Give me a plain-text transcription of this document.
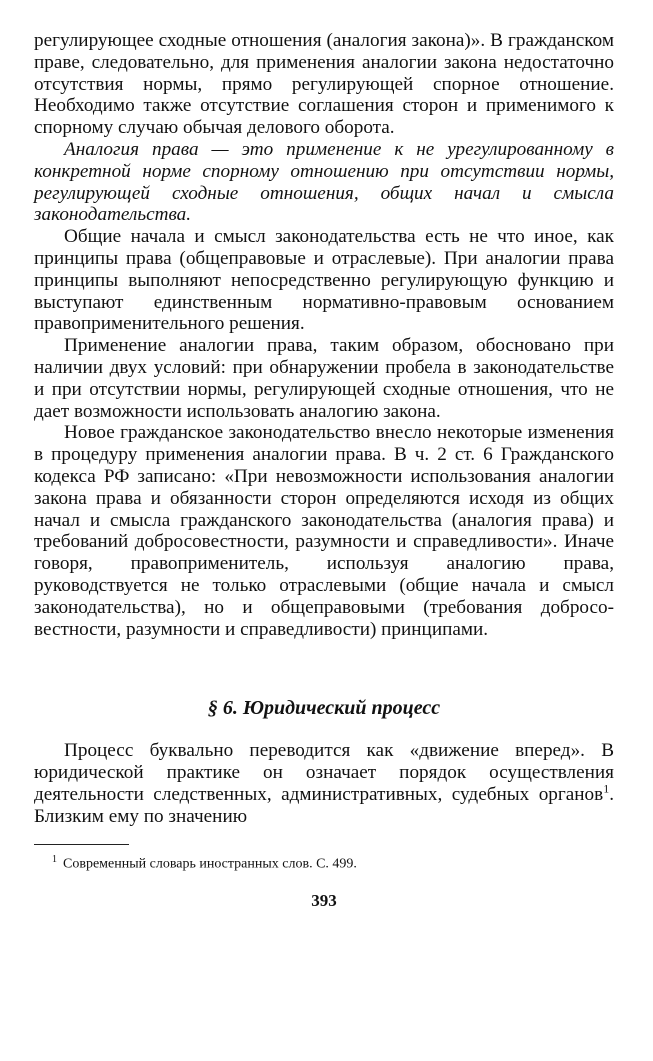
регулирующее сходные отношения (аналогия закона)». В гражданском праве, следовательно, для применения аналогии закона недостаточно отсутствия нормы, прямо регулирующей спорное отношение. Необходимо также отсутствие соглашения сторон и применимого к спорному случаю обычая делового оборота.

Аналогия права — это применение к не урегулированному в конкретной норме спорному отношению при отсутствии нормы, регулирующей сходные отношения, общих начал и смысла законодательства.

Общие начала и смысл законодательства есть не что иное, как принципы права (общеправовые и отраслевые). При аналогии права принципы выполняют непосредственно регулирующую функцию и выступают единственным нормативно-правовым основанием правоприменительного решения.

Применение аналогии права, таким образом, обосновано при наличии двух условий: при обнаружении пробела в законодательстве и при отсутствии нормы, регулирующей сходные отношения, что не дает возможности использовать аналогию закона.

Новое гражданское законодательство внесло некоторые изменения в процедуру применения аналогии права. В ч. 2 ст. 6 Гражданского кодекса РФ записано: «При невозможности использования аналогии закона права и обязанности сторон определяются исходя из общих начал и смысла гражданского законодательства (аналогия права) и требований добросовестности, разумности и справедливости». Иначе говоря, правоприменитель, используя аналогию права, руководствуется не только отраслевыми (общие начала и смысл законодательства), но и общеправовыми (требования добросовестности, разумности и справедливости) принципами.

§ 6. Юридический процесс

Процесс буквально переводится как «движение вперед». В юридической практике он означает порядок осуществления деятельности следственных, административных, судебных органов$^1$. Близким ему по значению

$^1$ Современный словарь иностранных слов. С. 499.

393
